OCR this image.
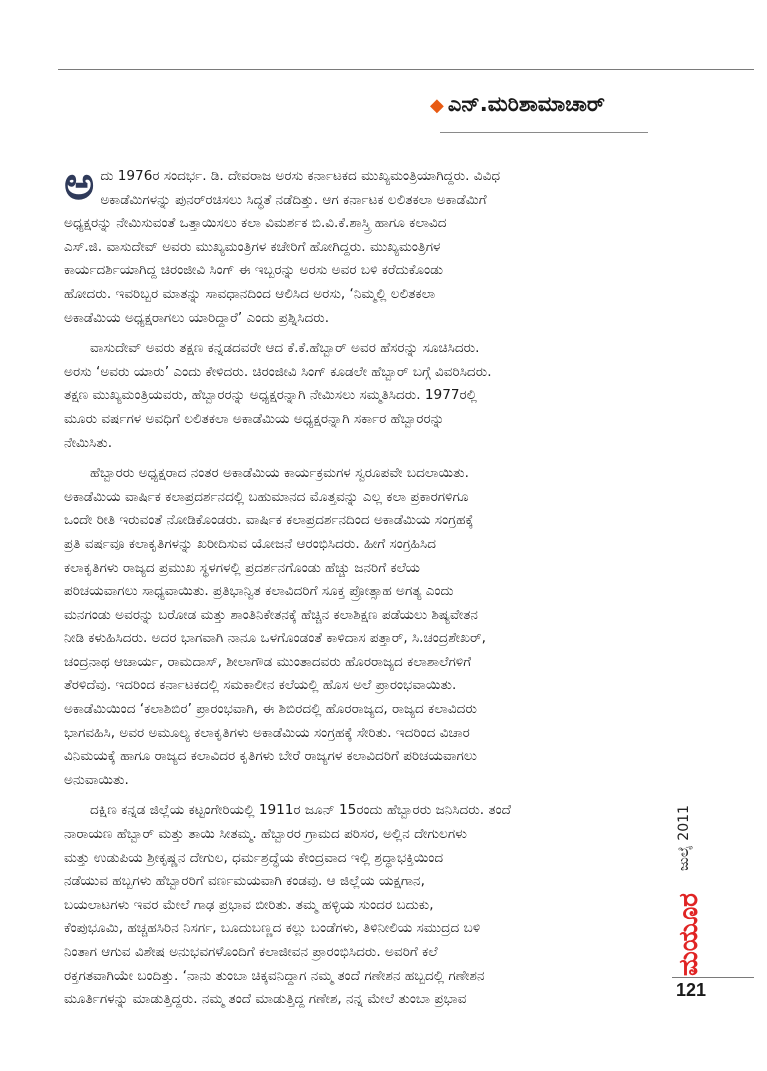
◆ ಎನ್.ಮರಿಶಾಮಾಚಾರ್
ಅ ದು 1976ರ ಸಂದರ್ಭ. ಡಿ. ದೇವರಾಜ ಅರಸು ಕರ್ನಾಟಕದ ಮುಖ್ಯಮಂತ್ರಿಯಾಗಿದ್ದರು. ವಿವಿಧ
ಅಕಾಡೆಮಿಗಳನ್ನು ಪುನರ್‌ರಚಿಸಲು ಸಿದ್ಧತೆ ನಡೆದಿತ್ತು. ಆಗ ಕರ್ನಾಟಕ ಲಲಿತಕಲಾ ಅಕಾಡೆಮಿಗೆ
ಅಧ್ಯಕ್ಷರನ್ನು ನೇಮಿಸುವಂತೆ ಒತ್ತಾಯಿಸಲು ಕಲಾ ವಿಮರ್ಶಕ ಬಿ.ವಿ.ಕೆ.ಶಾಸ್ತ್ರಿ ಹಾಗೂ ಕಲಾವಿದ
ಎಸ್.ಜಿ. ವಾಸುದೇವ್ ಅವರು ಮುಖ್ಯಮಂತ್ರಿಗಳ ಕಚೇರಿಗೆ ಹೋಗಿದ್ದರು. ಮುಖ್ಯಮಂತ್ರಿಗಳ
ಕಾರ್ಯದರ್ಶಿಯಾಗಿದ್ದ ಚಿರಂಜೀವಿ ಸಿಂಗ್ ಈ ಇಬ್ಬರನ್ನು ಅರಸು ಅವರ ಬಳಿ ಕರೆದುಕೊಂಡು
ಹೋದರು. ಇವರಿಬ್ಬರ ಮಾತನ್ನು ಸಾವಧಾನದಿಂದ ಆಲಿಸಿದ ಅರಸು, ‘ನಿಮ್ಮಲ್ಲಿ ಲಲಿತಕಲಾ
ಅಕಾಡೆಮಿಯ ಅಧ್ಯಕ್ಷರಾಗಲು ಯಾರಿದ್ದಾರೆ’ ಎಂದು ಪ್ರಶ್ನಿಸಿದರು.
ವಾಸುದೇವ್ ಅವರು ತಕ್ಷಣ ಕನ್ನಡದವರೇ ಆದ ಕೆ.ಕೆ.ಹೆಬ್ಬಾರ್ ಅವರ ಹೆಸರನ್ನು ಸೂಚಿಸಿದರು.
ಅರಸು ‘ಅವರು ಯಾರು’ ಎಂದು ಕೇಳಿದರು. ಚಿರಂಜೀವಿ ಸಿಂಗ್ ಕೂಡಲೇ ಹೆಬ್ಬಾರ್ ಬಗ್ಗೆ ವಿವರಿಸಿದರು.
ತಕ್ಷಣ ಮುಖ್ಯಮಂತ್ರಿಯವರು, ಹೆಬ್ಬಾರರನ್ನು ಅಧ್ಯಕ್ಷರನ್ನಾಗಿ ನೇಮಿಸಲು ಸಮ್ಮತಿಸಿದರು. 1977ರಲ್ಲಿ
ಮೂರು ವರ್ಷಗಳ ಅವಧಿಗೆ ಲಲಿತಕಲಾ ಅಕಾಡೆಮಿಯ ಅಧ್ಯಕ್ಷರನ್ನಾಗಿ ಸರ್ಕಾರ ಹೆಬ್ಬಾರರನ್ನು
ನೇಮಿಸಿತು.
ಹೆಬ್ಬಾರರು ಅಧ್ಯಕ್ಷರಾದ ನಂತರ ಅಕಾಡೆಮಿಯ ಕಾರ್ಯಕ್ರಮಗಳ ಸ್ವರೂಪವೇ ಬದಲಾಯಿತು.
ಅಕಾಡೆಮಿಯ ವಾರ್ಷಿಕ ಕಲಾಪ್ರದರ್ಶನದಲ್ಲಿ ಬಹುಮಾನದ ಮೊತ್ತವನ್ನು ಎಲ್ಲ ಕಲಾ ಪ್ರಕಾರಗಳಿಗೂ
ಒಂದೇ ರೀತಿ ಇರುವಂತೆ ನೋಡಿಕೊಂಡರು. ವಾರ್ಷಿಕ ಕಲಾಪ್ರದರ್ಶನದಿಂದ ಅಕಾಡೆಮಿಯ ಸಂಗ್ರಹಕ್ಕೆ
ಪ್ರತಿ ವರ್ಷವೂ ಕಲಾಕೃತಿಗಳನ್ನು ಖರೀದಿಸುವ ಯೋಜನೆ ಆರಂಭಿಸಿದರು. ಹೀಗೆ ಸಂಗ್ರಹಿಸಿದ
ಕಲಾಕೃತಿಗಳು ರಾಜ್ಯದ ಪ್ರಮುಖ ಸ್ಥಳಗಳಲ್ಲಿ ಪ್ರದರ್ಶನಗೊಂಡು ಹೆಚ್ಚು ಜನರಿಗೆ ಕಲೆಯ
ಪರಿಚಯವಾಗಲು ಸಾಧ್ಯವಾಯಿತು. ಪ್ರತಿಭಾನ್ವಿತ ಕಲಾವಿದರಿಗೆ ಸೂಕ್ತ ಪ್ರೋತ್ಸಾಹ ಅಗತ್ಯ ಎಂದು
ಮನಗಂಡು ಅವರನ್ನು ಬರೋಡ ಮತ್ತು ಶಾಂತಿನಿಕೇತನಕ್ಕೆ ಹೆಚ್ಚಿನ ಕಲಾಶಿಕ್ಷಣ ಪಡೆಯಲು ಶಿಷ್ಯವೇತನ
ನೀಡಿ ಕಳುಹಿಸಿದರು. ಅದರ ಭಾಗವಾಗಿ ನಾನೂ ಒಳಗೊಂಡಂತೆ ಕಾಳಿದಾಸ ಪತ್ತಾರ್, ಸಿ.ಚಂದ್ರಶೇಖರ್,
ಚಂದ್ರನಾಥ ಆಚಾರ್ಯ, ರಾಮದಾಸ್, ಶೀಲಾಗೌಡ ಮುಂತಾದವರು ಹೊರರಾಜ್ಯದ ಕಲಾಶಾಲೆಗಳಿಗೆ
ತೆರಳಿದೆವು. ಇದರಿಂದ ಕರ್ನಾಟಕದಲ್ಲಿ ಸಮಕಾಲೀನ ಕಲೆಯಲ್ಲಿ ಹೊಸ ಅಲೆ ಪ್ರಾರಂಭವಾಯಿತು.
ಅಕಾಡೆಮಿಯಿಂದ ‘ಕಲಾಶಿಬಿರ’ ಪ್ರಾರಂಭವಾಗಿ, ಈ ಶಿಬಿರದಲ್ಲಿ ಹೊರರಾಜ್ಯದ, ರಾಜ್ಯದ ಕಲಾವಿದರು
ಭಾಗವಹಿಸಿ, ಅವರ ಅಮೂಲ್ಯ ಕಲಾಕೃತಿಗಳು ಅಕಾಡೆಮಿಯ ಸಂಗ್ರಹಕ್ಕೆ ಸೇರಿತು. ಇದರಿಂದ ವಿಚಾರ
ವಿನಿಮಯಕ್ಕೆ ಹಾಗೂ ರಾಜ್ಯದ ಕಲಾವಿದರ ಕೃತಿಗಳು ಬೇರೆ ರಾಜ್ಯಗಳ ಕಲಾವಿದರಿಗೆ ಪರಿಚಯವಾಗಲು
ಅನುವಾಯಿತು.
ದಕ್ಷಿಣ ಕನ್ನಡ ಜಿಲ್ಲೆಯ ಕಟ್ಟಂಗೇರಿಯಲ್ಲಿ 1911ರ ಜೂನ್ 15ರಂದು ಹೆಬ್ಬಾರರು ಜನಿಸಿದರು. ತಂದೆ
ನಾರಾಯಣ ಹೆಬ್ಬಾರ್ ಮತ್ತು ತಾಯಿ ಸೀತಮ್ಮ. ಹೆಬ್ಬಾರರ ಗ್ರಾಮದ ಪರಿಸರ, ಅಲ್ಲಿನ ದೇಗುಲಗಳು
ಮತ್ತು ಉಡುಪಿಯ ಶ್ರೀಕೃಷ್ಣನ ದೇಗುಲ, ಧರ್ಮಶ್ರದ್ಧೆಯ ಕೇಂದ್ರವಾದ ಇಲ್ಲಿ ಶ್ರದ್ಧಾಭಕ್ತಿಯಿಂದ
ನಡೆಯುವ ಹಬ್ಬಗಳು ಹೆಬ್ಬಾರರಿಗೆ ವರ್ಣಮಯವಾಗಿ ಕಂಡವು. ಆ ಜಿಲ್ಲೆಯ ಯಕ್ಷಗಾನ,
ಬಯಲಾಟಗಳು ಇವರ ಮೇಲೆ ಗಾಢ ಪ್ರಭಾವ ಬೀರಿತು. ತಮ್ಮ ಹಳ್ಳಿಯ ಸುಂದರ ಬದುಕು,
ಕೆಂಪುಭೂಮಿ, ಹಚ್ಚಹಸಿರಿನ ನಿಸರ್ಗ, ಬೂದುಬಣ್ಣದ ಕಲ್ಲು ಬಂಡೆಗಳು, ತಿಳಿನೀಲಿಯ ಸಮುದ್ರದ ಬಳಿ
ನಿಂತಾಗ ಆಗುವ ವಿಶೇಷ ಅನುಭವಗಳೊಂದಿಗೆ ಕಲಾಜೀವನ ಪ್ರಾರಂಭಿಸಿದರು. ಅವರಿಗೆ ಕಲೆ
ರಕ್ತಗತವಾಗಿಯೇ ಬಂದಿತ್ತು. ‘ನಾನು ತುಂಬಾ ಚಿಕ್ಕವನಿದ್ದಾಗ ನಮ್ಮ ತಂದೆ ಗಣೇಶನ ಹಬ್ಬದಲ್ಲಿ ಗಣೇಶನ
ಮೂರ್ತಿಗಳನ್ನು ಮಾಡುತ್ತಿದ್ದರು. ನಮ್ಮ ತಂದೆ ಮಾಡುತ್ತಿದ್ದ ಗಣೇಶ, ನನ್ನ ಮೇಲೆ ತುಂಬಾ ಪ್ರಭಾವ
ಜುಲೈ 2011
ಮಯೂರ
121
